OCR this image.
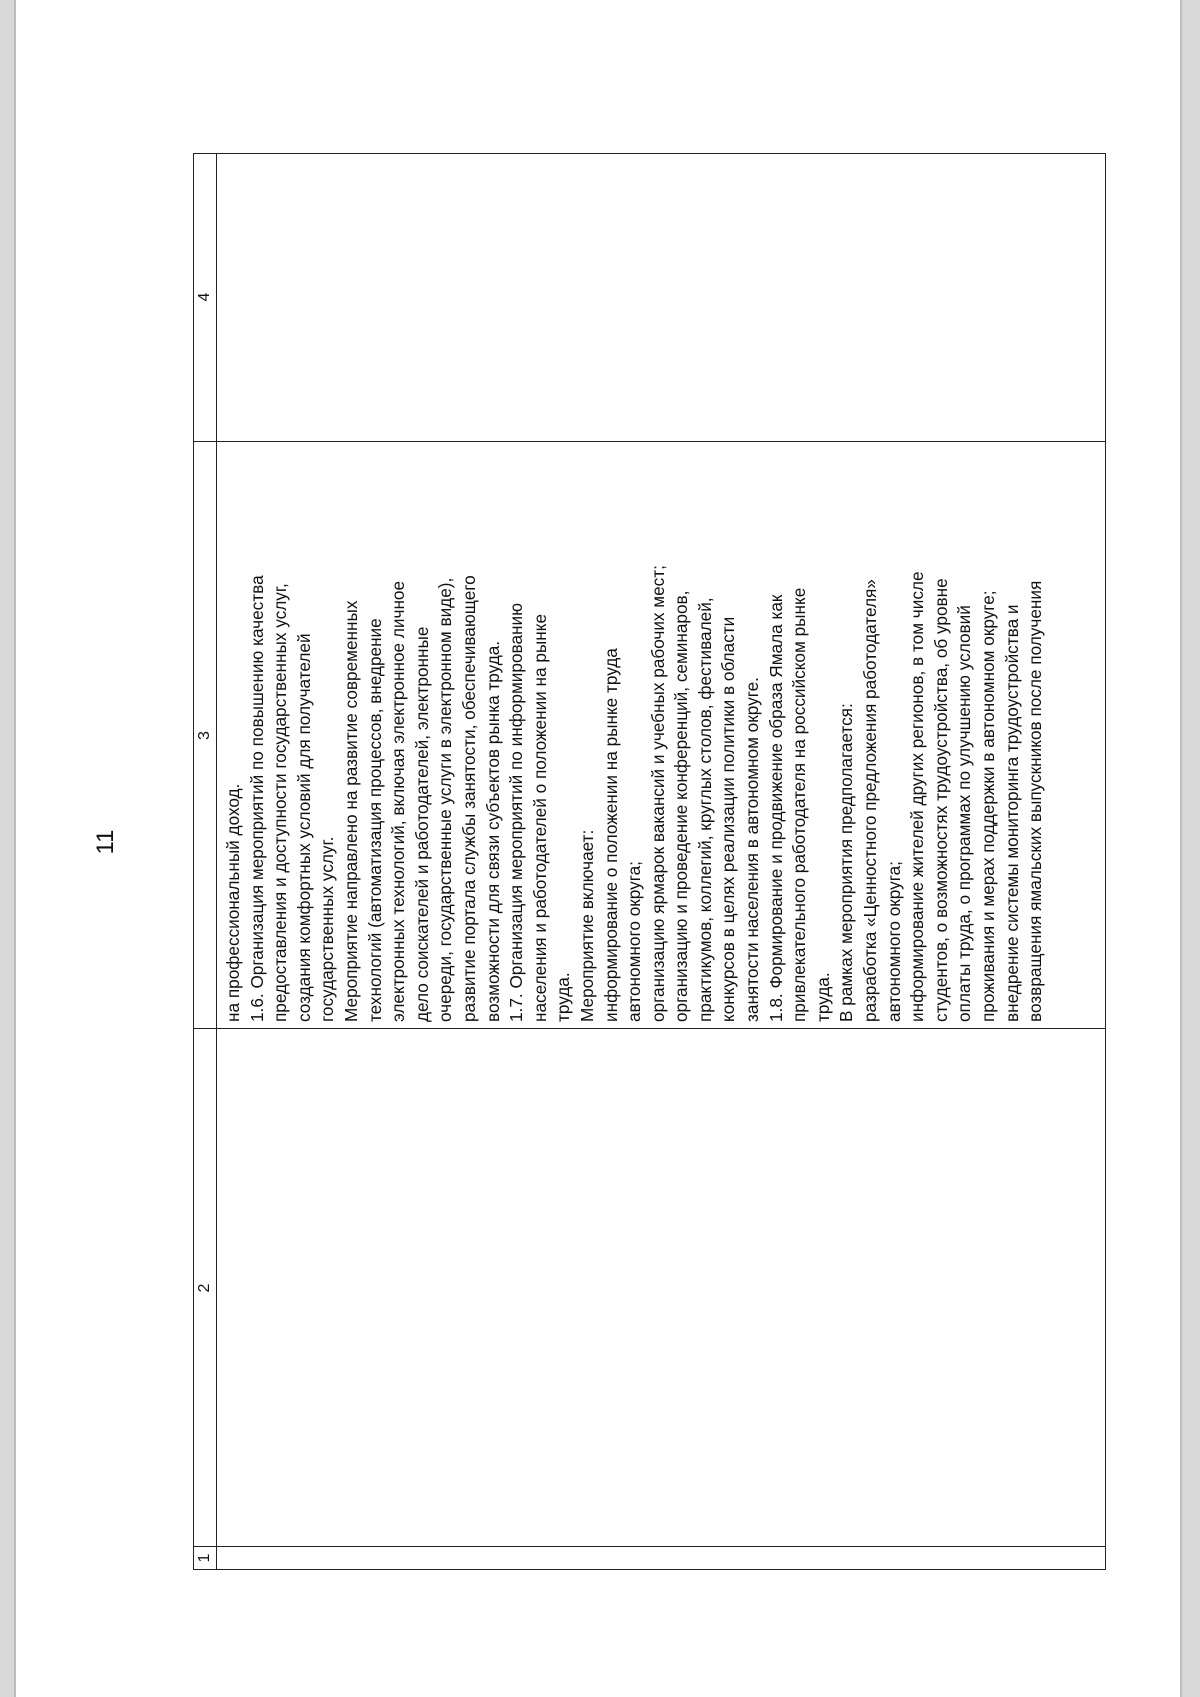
11
1
2
3
4
на профессиональный доход. 1.6. Организация мероприятий по повышению качества предоставления и доступности государственных услуг, создания комфортных условий для получателей государственных услуг. Мероприятие направлено на развитие современных технологий (автоматизация процессов, внедрение электронных технологий, включая электронное личное дело соискателей и работодателей, электронные очереди, государственные услуги в электронном виде), развитие портала службы занятости, обеспечивающего возможности для связи субъектов рынка труда. 1.7. Организация мероприятий по информированию населения и работодателей о положении на рынке труда. Мероприятие включает: информирование о положении на рынке труда автономного округа; организацию ярмарок вакансий и учебных рабочих мест; организацию и проведение конференций, семинаров, практикумов, коллегий, круглых столов, фестивалей, конкурсов в целях реализации политики в области занятости населения в автономном округе. 1.8. Формирование и продвижение образа Ямала как привлекательного работодателя на российском рынке труда. В рамках мероприятия предполагается: разработка «Ценностного предложения работодателя» автономного округа; информирование жителей других регионов, в том числе студентов, о возможностях трудоустройства, об уровне оплаты труда, о программах по улучшению условий проживания и мерах поддержки в автономном округе; внедрение системы мониторинга трудоустройства и возвращения ямальских выпускников после получения
